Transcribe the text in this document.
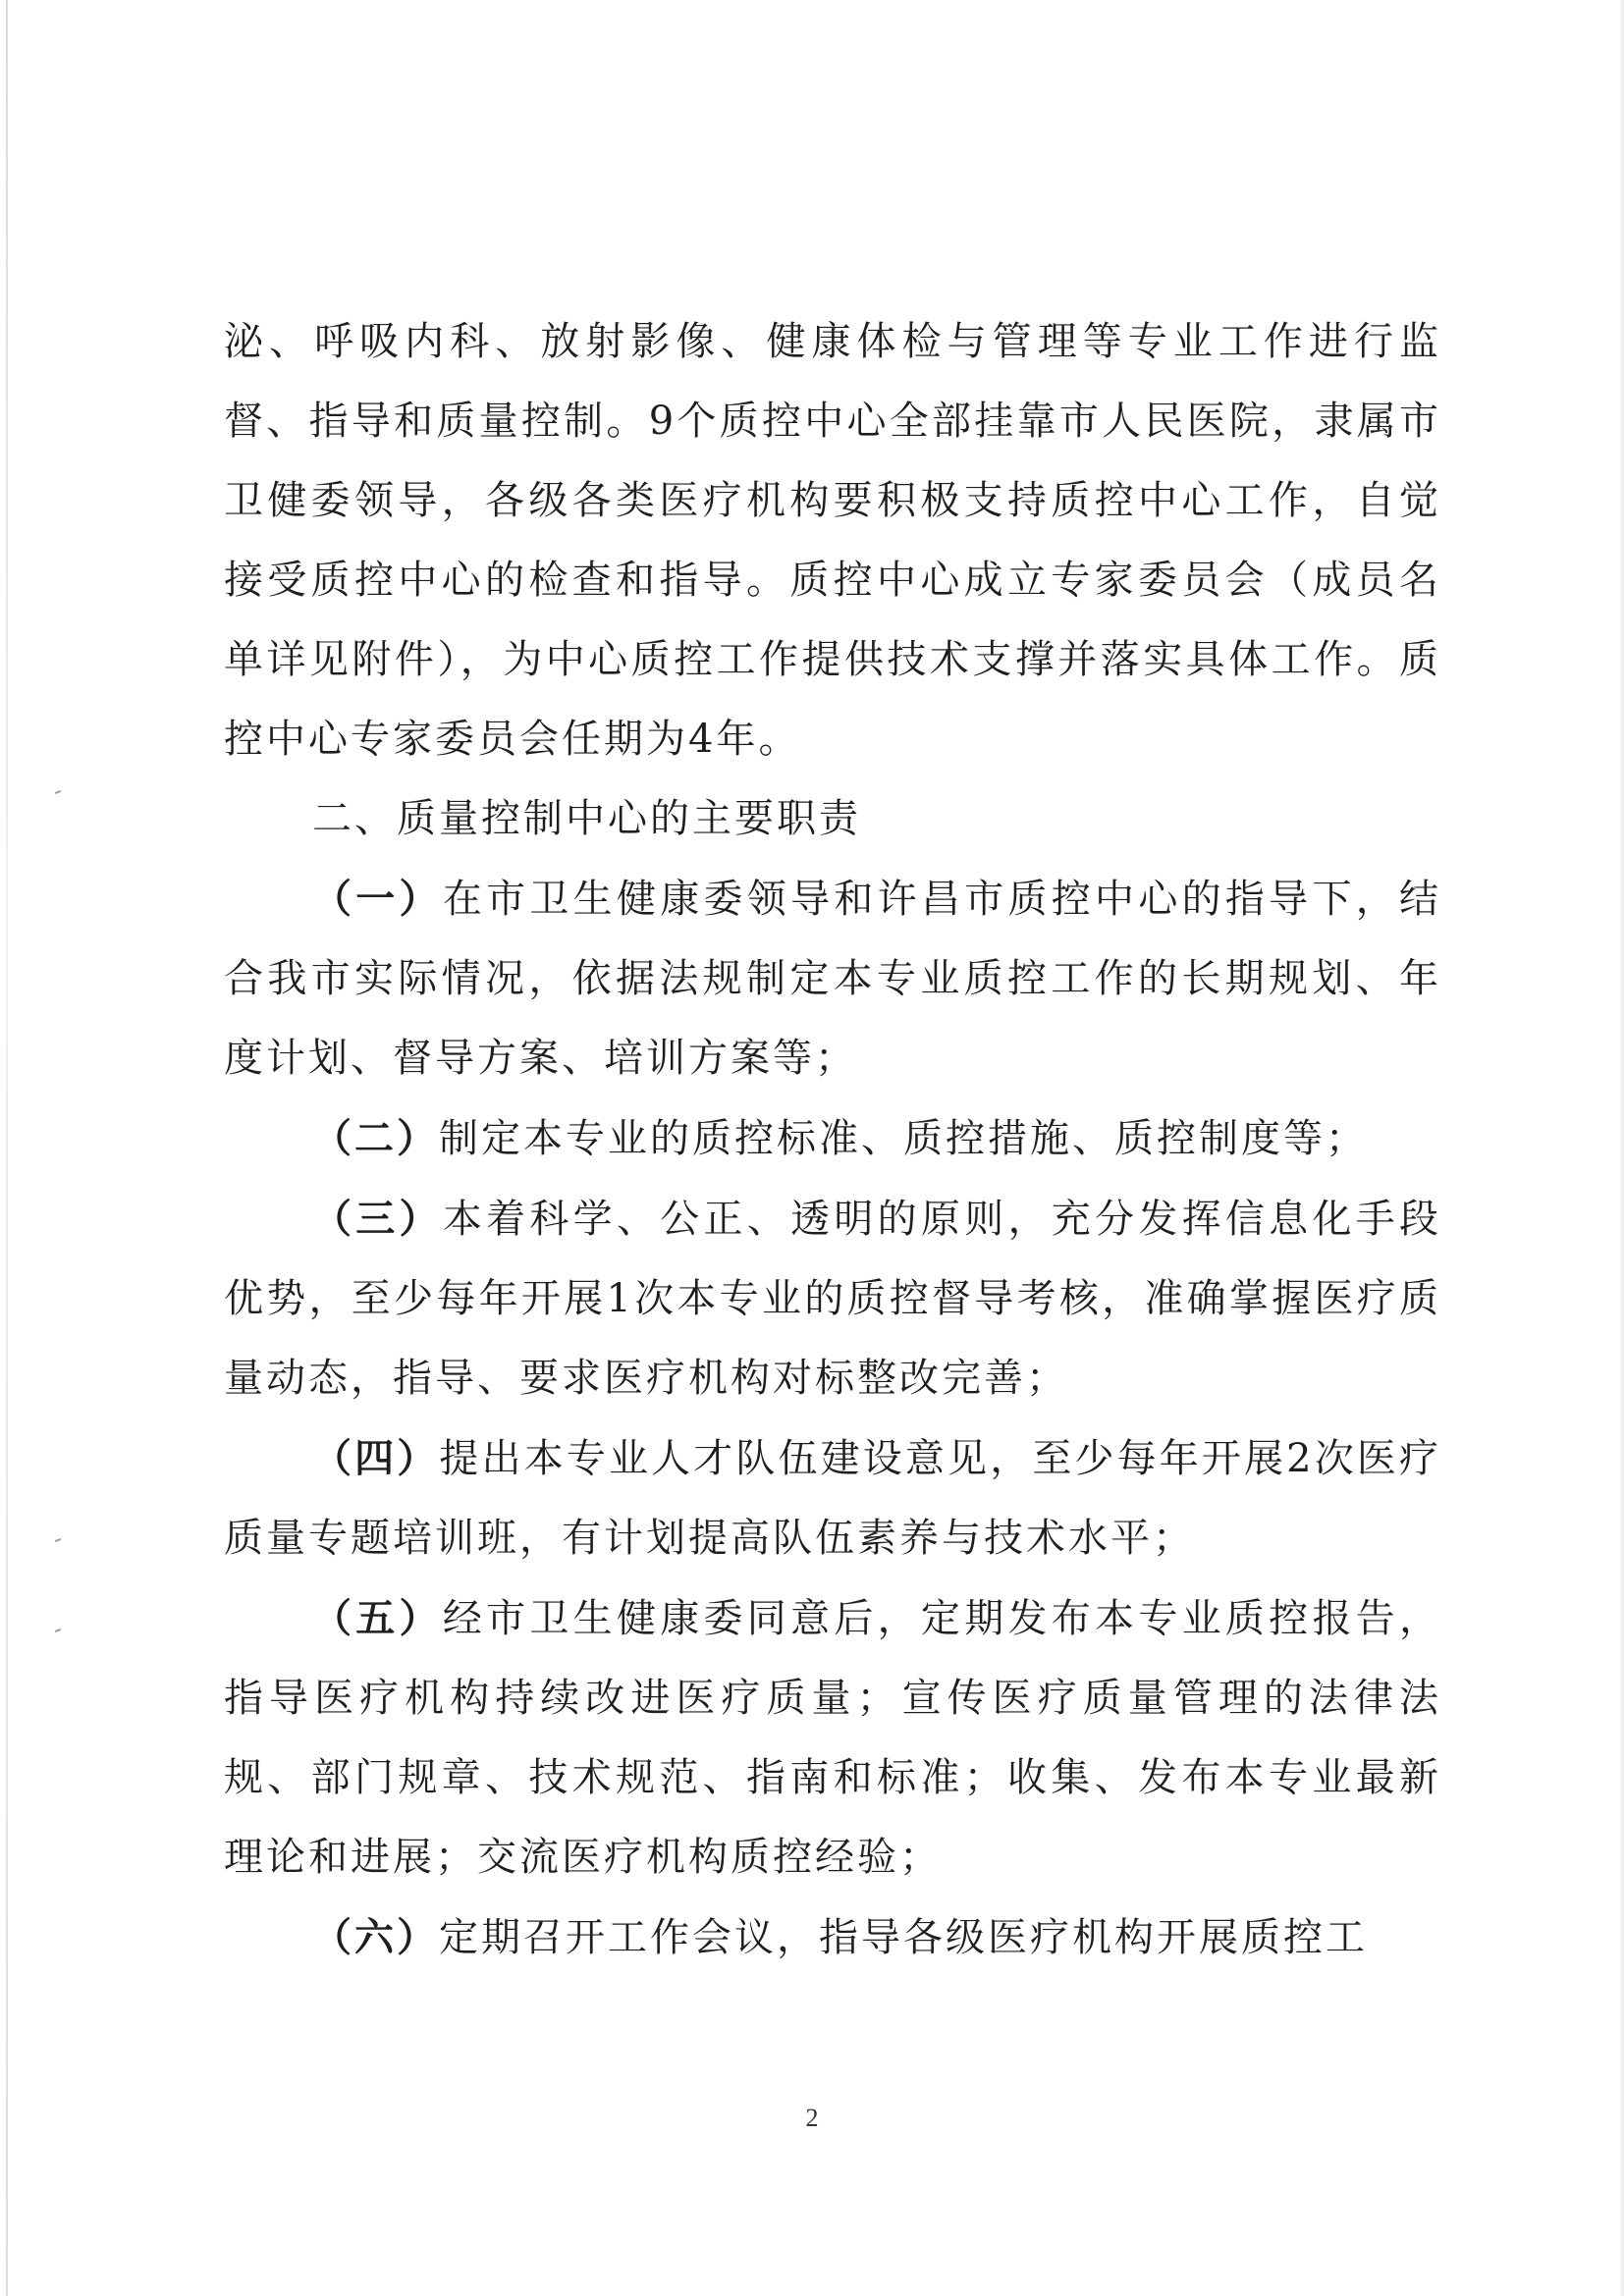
泌、呼吸内科、放射影像、健康体检与管理等专业工作进行监督、指导和质量控制。9个质控中心全部挂靠市人民医院，隶属市卫健委领导，各级各类医疗机构要积极支持质控中心工作，自觉接受质控中心的检查和指导。质控中心成立专家委员会（成员名单详见附件），为中心质控工作提供技术支撑并落实具体工作。质控中心专家委员会任期为4年。

二、质量控制中心的主要职责

（一）在市卫生健康委领导和许昌市质控中心的指导下，结合我市实际情况，依据法规制定本专业质控工作的长期规划、年度计划、督导方案、培训方案等；

（二）制定本专业的质控标准、质控措施、质控制度等；

（三）本着科学、公正、透明的原则，充分发挥信息化手段优势，至少每年开展1次本专业的质控督导考核，准确掌握医疗质量动态，指导、要求医疗机构对标整改完善；

（四）提出本专业人才队伍建设意见，至少每年开展2次医疗质量专题培训班，有计划提高队伍素养与技术水平；

（五）经市卫生健康委同意后，定期发布本专业质控报告，指导医疗机构持续改进医疗质量；宣传医疗质量管理的法律法规、部门规章、技术规范、指南和标准；收集、发布本专业最新理论和进展；交流医疗机构质控经验；

（六）定期召开工作会议，指导各级医疗机构开展质控工

2
